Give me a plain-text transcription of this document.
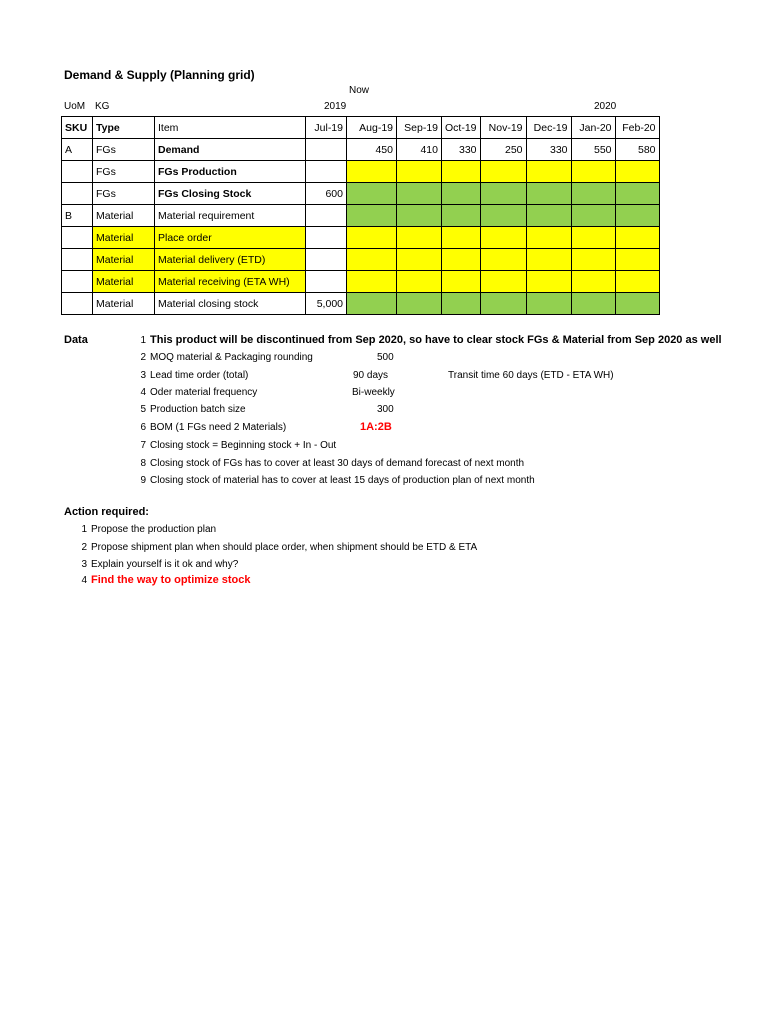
Demand & Supply (Planning grid)
Now
2019	2020
UoM KG
SKU	Type	Item	Jul-19	Aug-19	Sep-19	Oct-19	Nov-19	Dec-19	Jan-20	Feb-20
A	FGs	Demand		450	410	330	250	330	550	580
	FGs	FGs Production								
	FGs	FGs Closing Stock	600							
B	Material	Material requirement								
	Material	Place order								
	Material	Material delivery (ETD)								
	Material	Material receiving (ETA WH)								
	Material	Material closing stock	5,000							
Data	1 This product will be discontinued from Sep 2020, so have to clear stock FGs & Material from Sep 2020 as well
2 MOQ material & Packaging rounding	500
3 Lead time order (total)	90 days	Transit time 60 days (ETD - ETA WH)
4 Oder material frequency	Bi-weekly
5 Production batch size	300
6 BOM (1 FGs need 2 Materials)	1A:2B
7 Closing stock = Beginning stock + In - Out
8 Closing stock of FGs has to cover at least 30 days of demand forecast of next month
9 Closing stock of material has to cover at least 15 days of production plan of next month
Action required:
1 Propose the production plan
2 Propose shipment plan when should place order, when shipment should be ETD & ETA
3 Explain yourself is it ok and why?
4 Find the way to optimize stock
